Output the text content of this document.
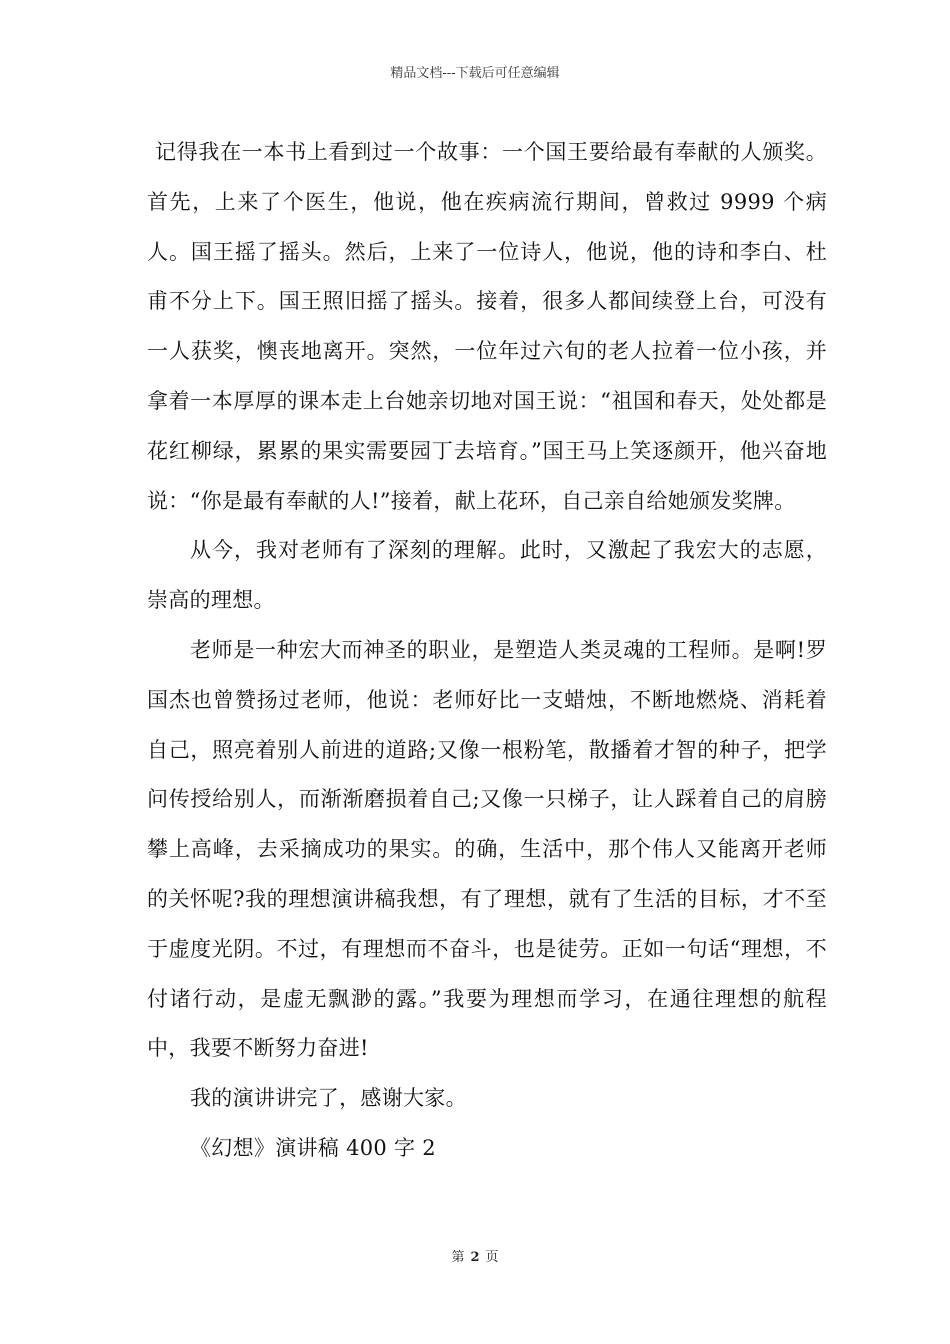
精品文档---下载后可任意编辑

记得我在一本书上看到过一个故事：一个国王要给最有奉献的人颁奖。首先，上来了个医生，他说，他在疾病流行期间，曾救过 9999 个病人。国王摇了摇头。然后，上来了一位诗人，他说，他的诗和李白、杜甫不分上下。国王照旧摇了摇头。接着，很多人都间续登上台，可没有一人获奖，懊丧地离开。突然，一位年过六旬的老人拉着一位小孩，并拿着一本厚厚的课本走上台她亲切地对国王说：“祖国和春天，处处都是花红柳绿，累累的果实需要园丁去培育。”国王马上笑逐颜开，他兴奋地说：“你是最有奉献的人!”接着，献上花环，自己亲自给她颁发奖牌。

从今，我对老师有了深刻的理解。此时，又激起了我宏大的志愿，崇高的理想。

老师是一种宏大而神圣的职业，是塑造人类灵魂的工程师。是啊!罗国杰也曾赞扬过老师，他说：老师好比一支蜡烛，不断地燃烧、消耗着自己，照亮着别人前进的道路;又像一根粉笔，散播着才智的种子，把学问传授给别人，而渐渐磨损着自己;又像一只梯子，让人踩着自己的肩膀攀上高峰，去采摘成功的果实。的确，生活中，那个伟人又能离开老师的关怀呢?我的理想演讲稿我想，有了理想，就有了生活的目标，才不至于虚度光阴。不过，有理想而不奋斗，也是徒劳。正如一句话“理想，不付诸行动，是虚无飘渺的露。”我要为理想而学习，在通往理想的航程中，我要不断努力奋进!

我的演讲讲完了，感谢大家。

《幻想》演讲稿 400 字 2

第 2 页
